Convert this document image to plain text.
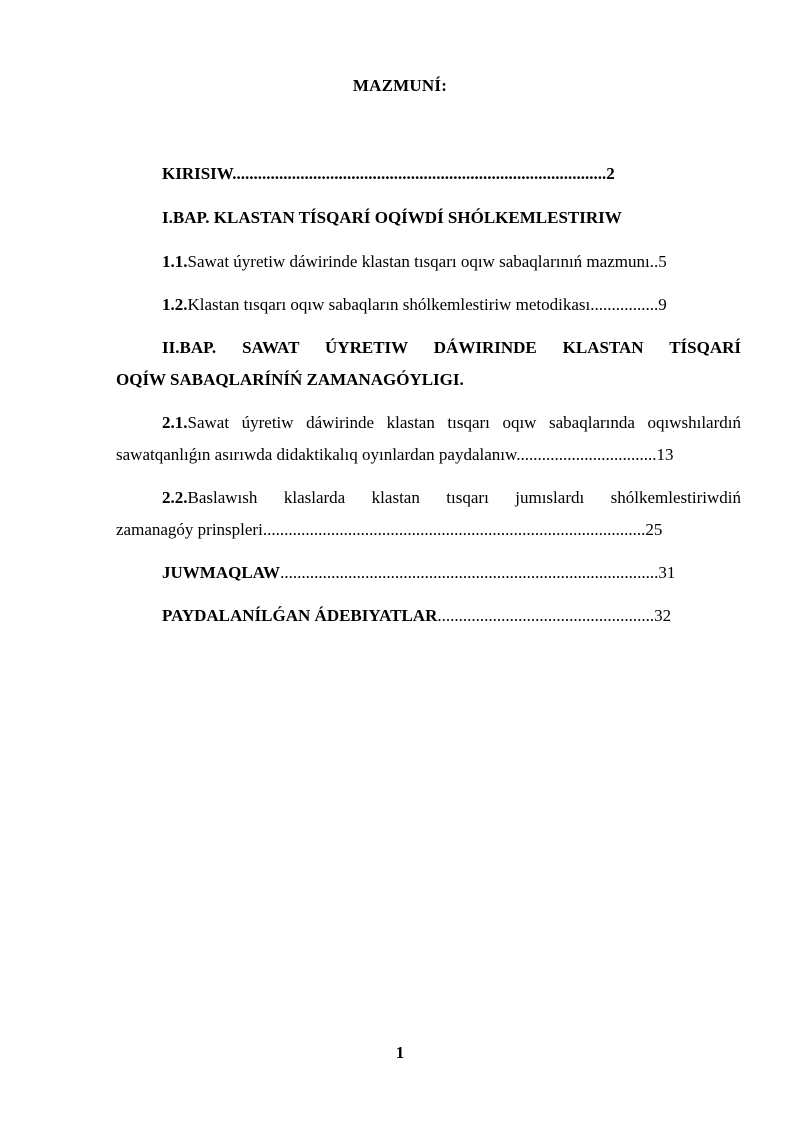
MAZMUNÍ:
KIRISIW........................................................................................2
I.BAP. KLASTAN TÍSQARÍ OQÍWDÍ SHÓLKEMLESTIRIW
1.1.Sawat úyretiw dáwirinde klastan tısqarı oqıw sabaqlarınıń mazmunı..5
1.2.Klastan tısqarı oqıw sabaqların shólkemlestiriw metodikası................9
II.BAP. SAWAT ÚYRETIW DÁWIRINDE KLASTAN TÍSQARÍ
OQÍW SABAQLARÍNÍŃ ZAMANAGÓYLIGI.
2.1.Sawat úyretiw dáwirinde klastan tısqarı oqıw sabaqlarında oqıwshılardıń
sawatqanlıǵın asırıwda didaktikalıq oyınlardan paydalanıw.................................13
2.2.Baslawısh klaslarda klastan tısqarı jumıslardı shólkemlestiriwdiń
zamanagóy prinspleri..........................................................................................25
JUWMAQLAW.........................................................................................31
PAYDALANÍLǴAN ÁDEBIYATLAR...................................................32
1
